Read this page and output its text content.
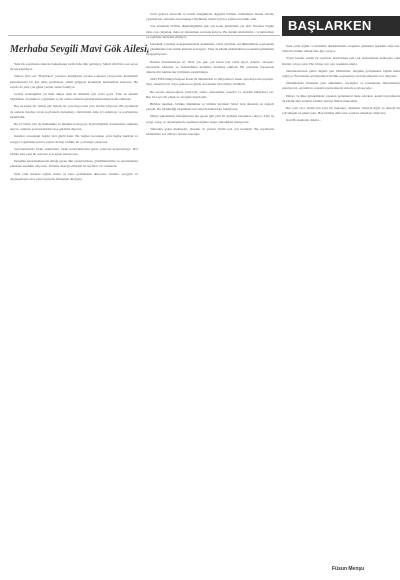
BAŞLARKEN
Merhaba Sevgili Mavi Gök Ailesi,

Yeni ilk sayımızda sizlerle buluşmanın tarifi daha dile gelmiyor. Şimdi 2022'nin son sayısı ile karşınızdayız.

Sizlere yine son "Başlarken" yazısını, kaldığımız yerden coşkuyla yazıyorum. Kendimizi katkılarınızla bir kez daha yenilerken, şimdi gölgeyle kendimizi hatırlatmak istiyoruz. Bu sayıda da yine çok güzel yazılar sizleri bekliyor.

Geride bıraktığımız yıl hem dünya hem de ülkemiz için zorlu geçti. Yine de umudu büyütmek, dostlukları çoğaltmak ve bir arada olmanın gücünü hatırlamak bizim elimizde.

Her ne kadar bir zaman güç bulsak da, aynı heyecanla yola devam ediyoruz. Bu sayımızda da sizlerle beraber ortak paydalarda buluşmayı, birbirimizi daha iyi anlamayı ve paylaşmayı hedefledik.

Bu yıl bizler için de mutlulukla ve hüzünle dolu geçti. Kaybettiğimiz dostlarımızı rahmetle anıyor, aramıza yeni katılanlara hoş geldiniz diyoruz.

İnsanlar arasındaki bağlar bizi güçlü kılar. Bu bağları korumak, yeni bağlar kurmak ve sevgiyi çoğaltmak için bu sayıda da hep birlikte bir yolculuğa çıkıyoruz.

Sayfalarımızda farklı alanlardan, farklı deneyimlerden gelen yazılarla karşınızdayız. Her birinin size yeni bir pencere açacağına inanıyoruz.

Derginin hazırlanmasında emeği geçen tüm yazarlarımıza, gönüllülerimize ve okurlarımıza yürekten teşekkür ediyoruz. Sizlerin desteği olmadan bu sayfalar var olamazdı.

Yeni yılın herkese sağlık, huzur ve barış getirmesini diliyoruz. Umutla, sevgiyle ve dayanışmayla nice yeni sayılarda buluşmak dileğiyle.

Gelir getirici ekonomi ve kendi emeğimizin değerini bilmek, birbirimize destek olmak, yaşamın her alanında dayanışmayı büyütmek bizim için her zaman öncelikli oldu.

Son dönemde birlikte düşündüğümüz pek çok konu gündemde yer aldı. İnsanlar bugün daha çok çalışmak, daha az dinlenmek zorunda kalıyor. Bu durum ailelerimizi, çocuklarımızı ve toplumu derinden etkiliyor.

Gündelik yaşamın koşuşturmasında kendimize vakit ayırmak, sevdiklerimizle paylaşmak ve güzellikleri fark etmek giderek zorlaşıyor. Yine de küçük mutlulukların peşinden gitmekten vazgeçmiyoruz.

Hemen hatırlamalıyız ki, 2022 yılı pek çok insan için zorlu geçti. Afetler, savaşlar, ekonomik sıkıntılar ve belirsizlikler hepimizi derinden etkiledi. Bu zorluklar karşısında umudu diri tutmak her birimizin sorumluluğu.

2022 FIFA Dünya Kupası Katar'da düzenlendi ve milyonlarca insan aynı heyecanı paylaştı. Spor, insanları bir araya getiren en güçlü araçlardan biri olmayı sürdürdü.

Bu sayıda okuyacağınız yazılarda; anılar, deneyimler, öneriler ve dostluk hikâyeleri var. Her biri ayrı bir emek ve sevgiyle hazırlandı.

Birlikte okumak, birlikte düşünmek ve birlikte üretmek; Mavi Gök ailesinin en değerli yanıdır. Bu birlikteliği büyütmek için sizlerin katkılarını bekliyoruz.

Dünya gündemine baktığımızda her geçen gün yeni bir gelişme karşımıza çıkıyor. Yine de sevgi, saygı ve dayanışma ile aşamayacağımız engel olmadığına inanıyoruz.

Sizlerden gelen mektuplar, öneriler ve yazılar bizim için çok kıymetli. Bu sayfalarda birbirimize ses olmaya devam edeceğiz.

Yeni yılda sağlık ve mutluluk dileklerimizle, hepinize gönülden teşekkür ediyoruz. Sizlerle birlikte olmak bize güç veriyor.

Yayın kurulu olarak bu sayımızı hazırlarken pek çok dostumuzun katkısıyla yeni fikirler ortaya çıktı. Her birine ayrı ayrı teşekkür ederiz.

Okurlarımızdan gelen değerli geri bildirimler, derginin gelişmesine büyük katkı sağlıyor. Bu nedenle görüşlerinizi bizimle paylaşmaya devam etmenizi rica ediyoruz.

Önümüzdeki dönemde yeni etkinlikler, söyleşiler ve buluşmalar düzenlemeyi planlıyoruz. Ayrıntıları sonraki sayılarımızda sizlerle paylaşacağız.

Dünya ve ülke gündeminde yaşanan gelişmeleri takip ederken, kendi hayatımızda da küçük ama anlamlı adımlar atmayı ihmal etmeyelim.

Her yeni sayı, bizim için yeni bir başlangıç demektir. Sizlerin ilgisi ve desteği bu yolculuğun en güzel yanı. Hep birlikte daha nice sayılara ulaşmayı diliyoruz.

Keyifli okumalar dileriz...

Füsun Menşu
